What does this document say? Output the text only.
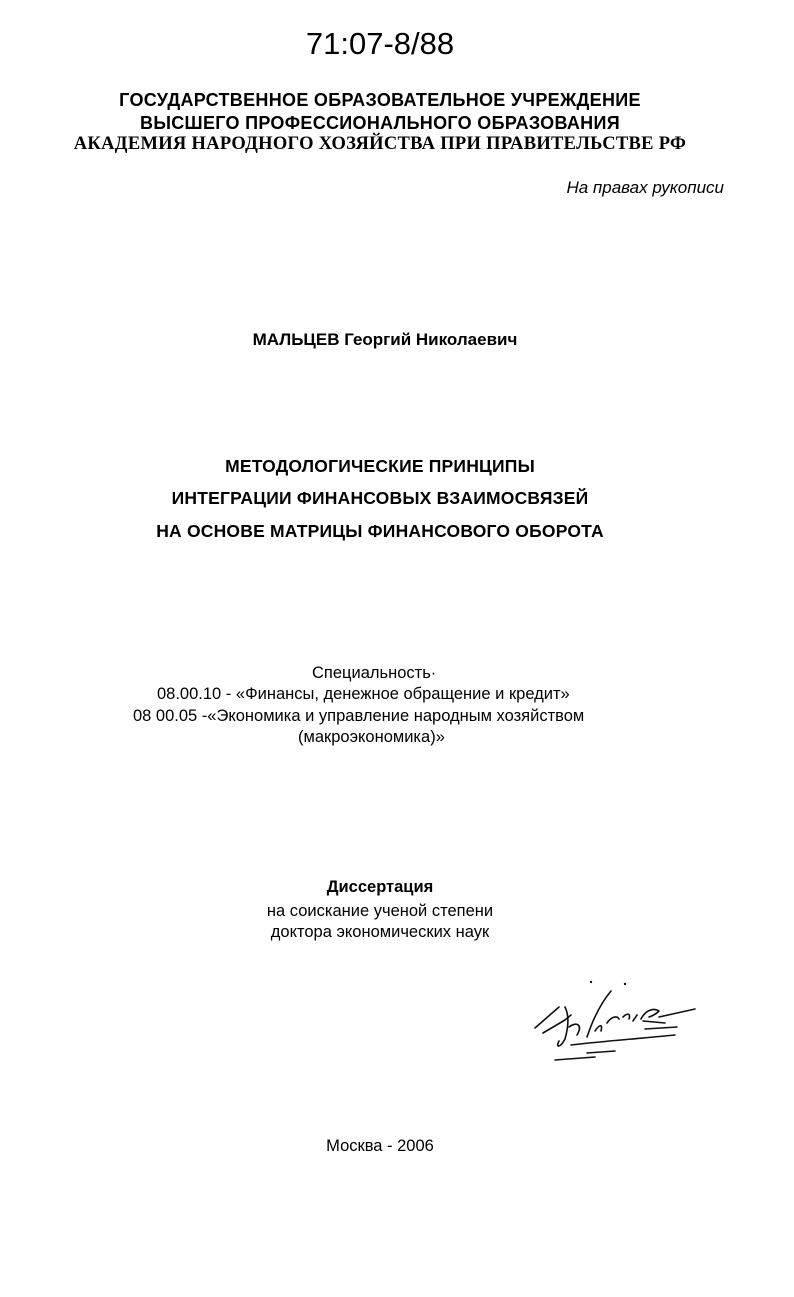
71:07-8/88
ГОСУДАРСТВЕННОЕ ОБРАЗОВАТЕЛЬНОЕ УЧРЕЖДЕНИЕ
ВЫСШЕГО ПРОФЕССИОНАЛЬНОГО ОБРАЗОВАНИЯ
АКАДЕМИЯ НАРОДНОГО ХОЗЯЙСТВА ПРИ ПРАВИТЕЛЬСТВЕ РФ
На правах рукописи
МАЛЬЦЕВ Георгий Николаевич
МЕТОДОЛОГИЧЕСКИЕ ПРИНЦИПЫ
ИНТЕГРАЦИИ ФИНАНСОВЫХ ВЗАИМОСВЯЗЕЙ
НА ОСНОВЕ МАТРИЦЫ ФИНАНСОВОГО ОБОРОТА
Специальность·
08.00.10 - «Финансы, денежное обращение и кредит»
08 00.05 -«Экономика и управление народным хозяйством
(макроэкономика)»
Диссертация
на соискание ученой степени
доктора экономических наук
Москва - 2006
